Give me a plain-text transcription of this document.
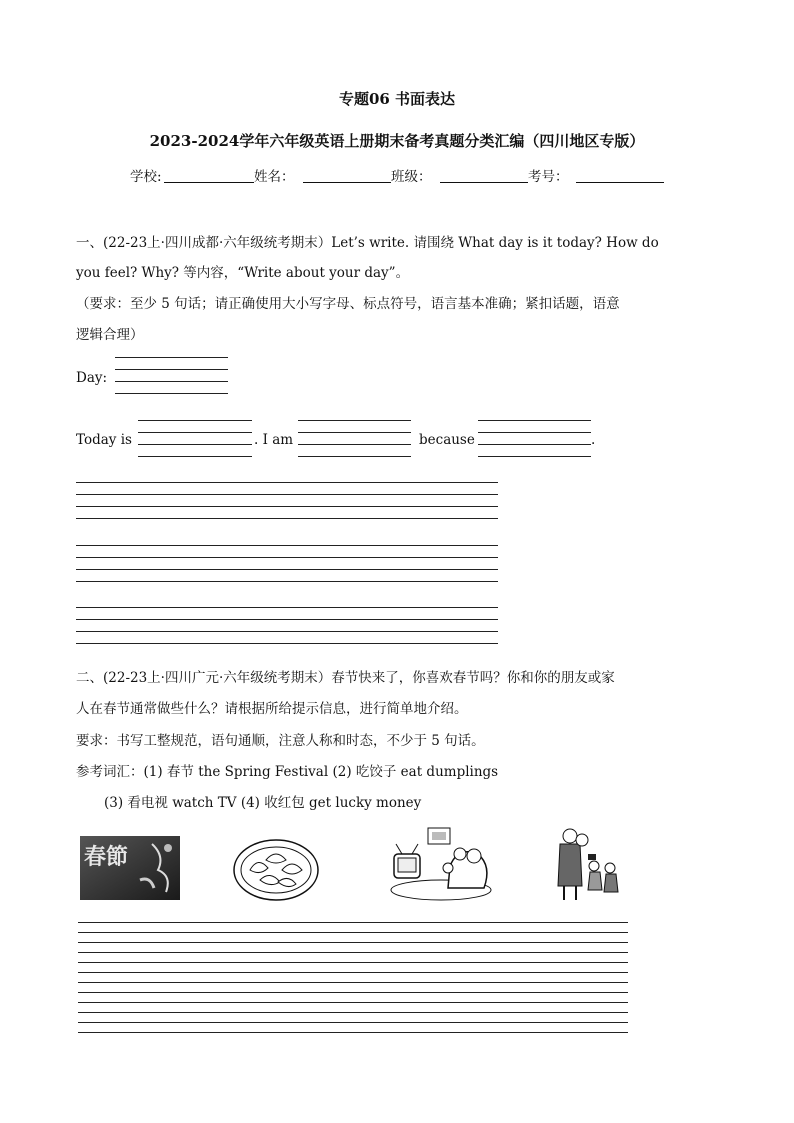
专题06 书面表达
2023-2024学年六年级英语上册期末备考真题分类汇编（四川地区专版）
学校:	姓名：	班级：	考号：
一、(22-23上·四川成都·六年级统考期末）Let’s write. 请围绕 What day is it today? How do
you feel? Why? 等内容，“Write about your day”。
（要求：至少 5 句话；请正确使用大小写字母、标点符号，语言基本准确；紧扣话题，语意
逻辑合理）
Day:
Today is	. I am	because	.
二、(22-23上·四川广元·六年级统考期末）春节快来了，你喜欢春节吗？你和你的朋友或家
人在春节通常做些什么？请根据所给提示信息，进行简单地介绍。
要求：书写工整规范，语句通顺，注意人称和时态，不少于 5 句话。
参考词汇：(1) 春节 the Spring Festival (2) 吃饺子 eat dumplings
(3) 看电视 watch TV (4) 收红包 get lucky money
春節
